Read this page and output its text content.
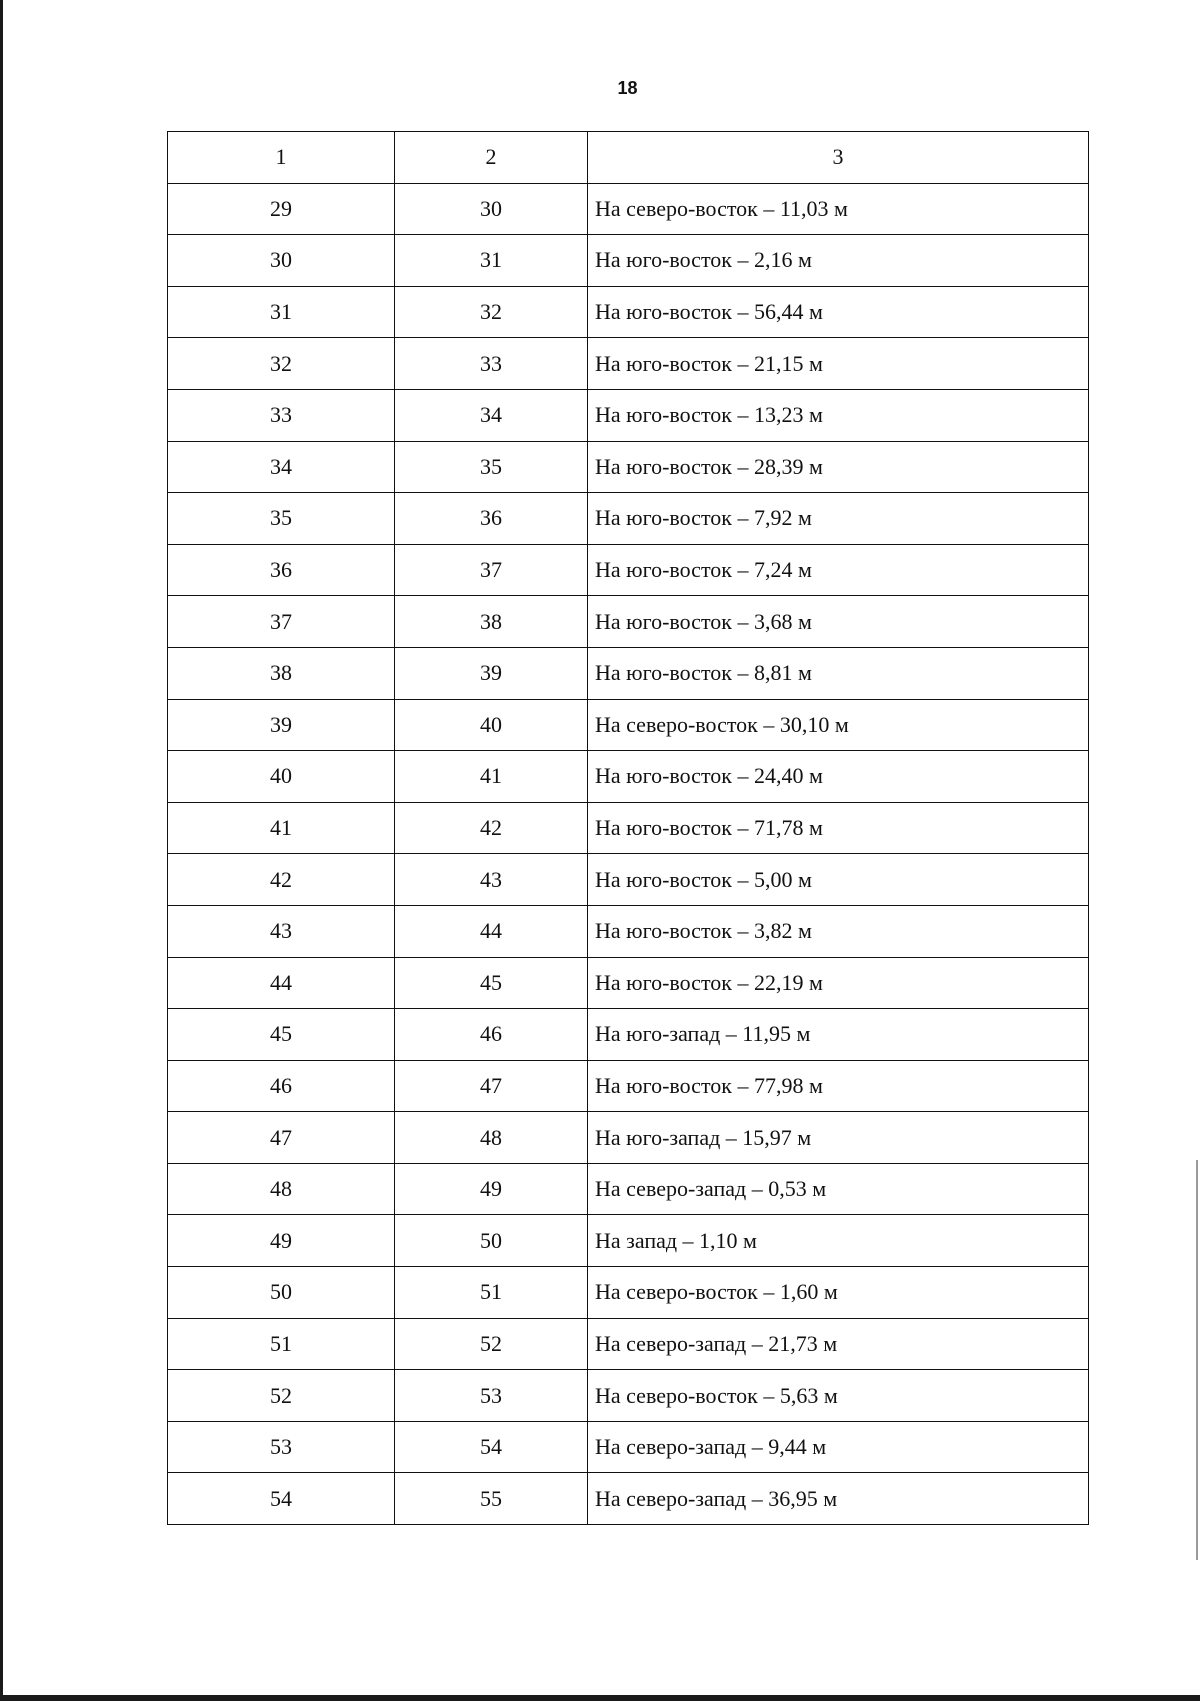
18
1	2	3
29	30	На северо-восток – 11,03 м
30	31	На юго-восток – 2,16 м
31	32	На юго-восток – 56,44 м
32	33	На юго-восток – 21,15 м
33	34	На юго-восток – 13,23 м
34	35	На юго-восток – 28,39 м
35	36	На юго-восток – 7,92 м
36	37	На юго-восток – 7,24 м
37	38	На юго-восток – 3,68 м
38	39	На юго-восток – 8,81 м
39	40	На северо-восток – 30,10 м
40	41	На юго-восток – 24,40 м
41	42	На юго-восток – 71,78 м
42	43	На юго-восток – 5,00 м
43	44	На юго-восток – 3,82 м
44	45	На юго-восток – 22,19 м
45	46	На юго-запад – 11,95 м
46	47	На юго-восток – 77,98 м
47	48	На юго-запад – 15,97 м
48	49	На северо-запад – 0,53 м
49	50	На запад – 1,10 м
50	51	На северо-восток – 1,60 м
51	52	На северо-запад – 21,73 м
52	53	На северо-восток – 5,63 м
53	54	На северо-запад – 9,44 м
54	55	На северо-запад – 36,95 м
